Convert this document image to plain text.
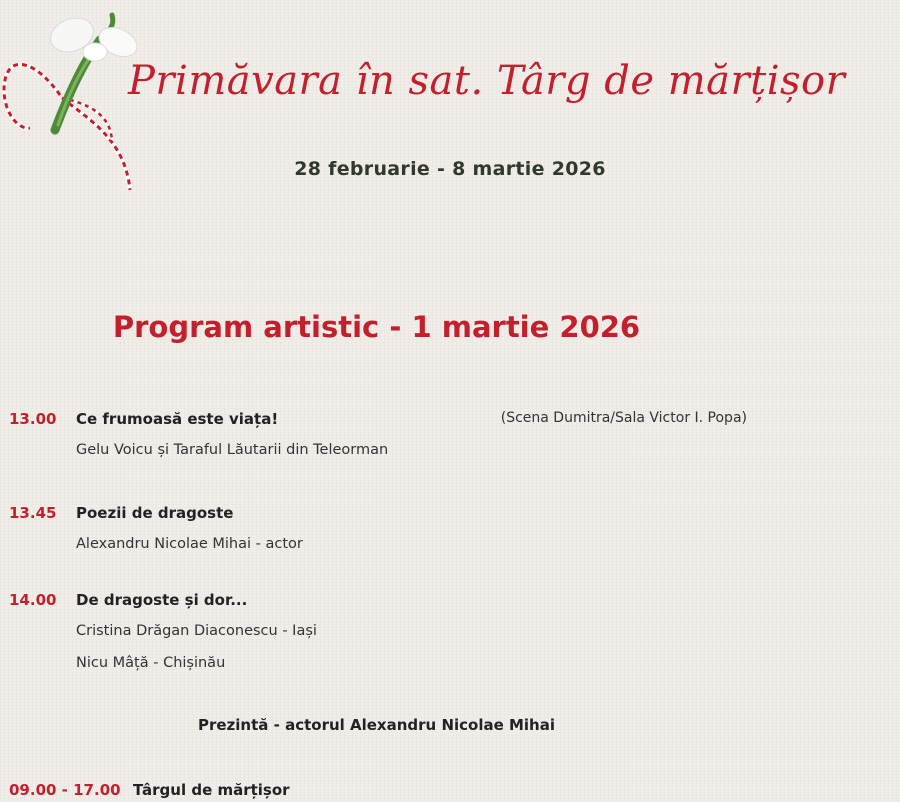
Primăvara în sat. Târg de mărțișor
28 februarie - 8 martie 2026
Program artistic - 1 martie 2026
13.00 Ce frumoasă este viața!	(Scena Dumitra/Sala Victor I. Popa)
Gelu Voicu și Taraful Lăutarii din Teleorman
13.45 Poezii de dragoste
Alexandru Nicolae Mihai - actor
14.00 De dragoste și dor...
Cristina Drăgan Diaconescu - Iași
Nicu Mâță - Chișinău
Prezintă - actorul Alexandru Nicolae Mihai
09.00 - 17.00 Târgul de mărțișor
